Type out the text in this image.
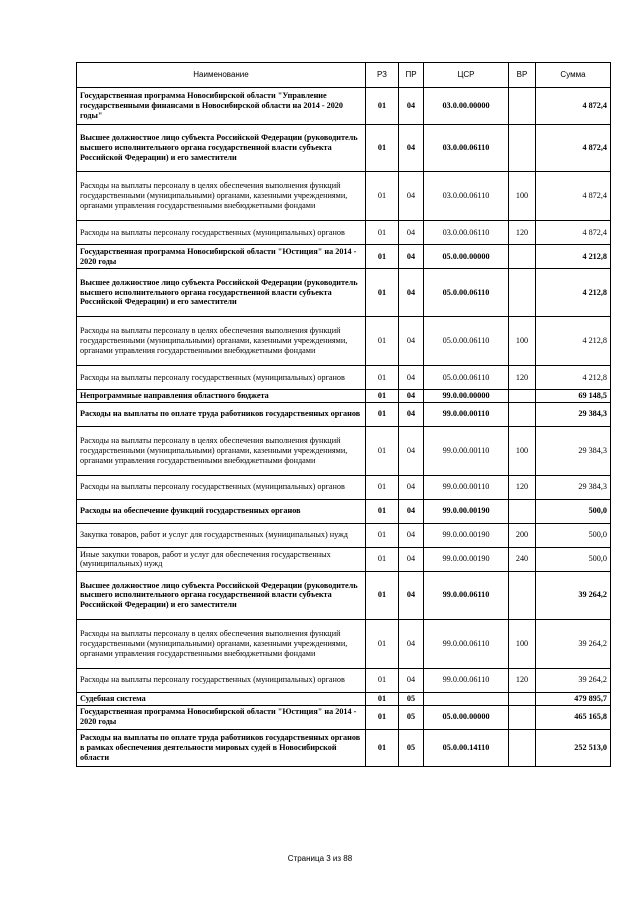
Наименование	РЗ	ПР	ЦСР	ВР	Сумма
Государственная программа Новосибирской области "Управление государственными финансами в Новосибирской области на 2014 - 2020 годы"	01	04	03.0.00.00000		4 872,4
Высшее должностное лицо субъекта Российской Федерации (руководитель высшего исполнительного органа государственной власти субъекта Российской Федерации) и его заместители	01	04	03.0.00.06110		4 872,4
Расходы на выплаты персоналу в целях обеспечения выполнения функций государственными (муниципальными) органами, казенными учреждениями, органами управления государственными внебюджетными фондами	01	04	03.0.00.06110	100	4 872,4
Расходы на выплаты персоналу государственных (муниципальных) органов	01	04	03.0.00.06110	120	4 872,4
Государственная программа Новосибирской области "Юстиция" на 2014 - 2020 годы	01	04	05.0.00.00000		4 212,8
Высшее должностное лицо субъекта Российской Федерации (руководитель высшего исполнительного органа государственной власти субъекта Российской Федерации) и его заместители	01	04	05.0.00.06110		4 212,8
Расходы на выплаты персоналу в целях обеспечения выполнения функций государственными (муниципальными) органами, казенными учреждениями, органами управления государственными внебюджетными фондами	01	04	05.0.00.06110	100	4 212,8
Расходы на выплаты персоналу государственных (муниципальных) органов	01	04	05.0.00.06110	120	4 212,8
Непрограммные направления областного бюджета	01	04	99.0.00.00000		69 148,5
Расходы на выплаты по оплате труда работников государственных органов	01	04	99.0.00.00110		29 384,3
Расходы на выплаты персоналу в целях обеспечения выполнения функций государственными (муниципальными) органами, казенными учреждениями, органами управления государственными внебюджетными фондами	01	04	99.0.00.00110	100	29 384,3
Расходы на выплаты персоналу государственных (муниципальных) органов	01	04	99.0.00.00110	120	29 384,3
Расходы на обеспечение функций государственных органов	01	04	99.0.00.00190		500,0
Закупка товаров, работ и услуг для государственных (муниципальных) нужд	01	04	99.0.00.00190	200	500,0
Иные закупки товаров, работ и услуг для обеспечения государственных (муниципальных) нужд	01	04	99.0.00.00190	240	500,0
Высшее должностное лицо субъекта Российской Федерации (руководитель высшего исполнительного органа государственной власти субъекта Российской Федерации) и его заместители	01	04	99.0.00.06110		39 264,2
Расходы на выплаты персоналу в целях обеспечения выполнения функций государственными (муниципальными) органами, казенными учреждениями, органами управления государственными внебюджетными фондами	01	04	99.0.00.06110	100	39 264,2
Расходы на выплаты персоналу государственных (муниципальных) органов	01	04	99.0.00.06110	120	39 264,2
Судебная система	01	05			479 895,7
Государственная программа Новосибирской области "Юстиция" на 2014 - 2020 годы	01	05	05.0.00.00000		465 165,8
Расходы на выплаты по оплате труда работников государственных органов в рамках обеспечения деятельности мировых судей в Новосибирской области	01	05	05.0.00.14110		252 513,0
Страница 3 из 88
